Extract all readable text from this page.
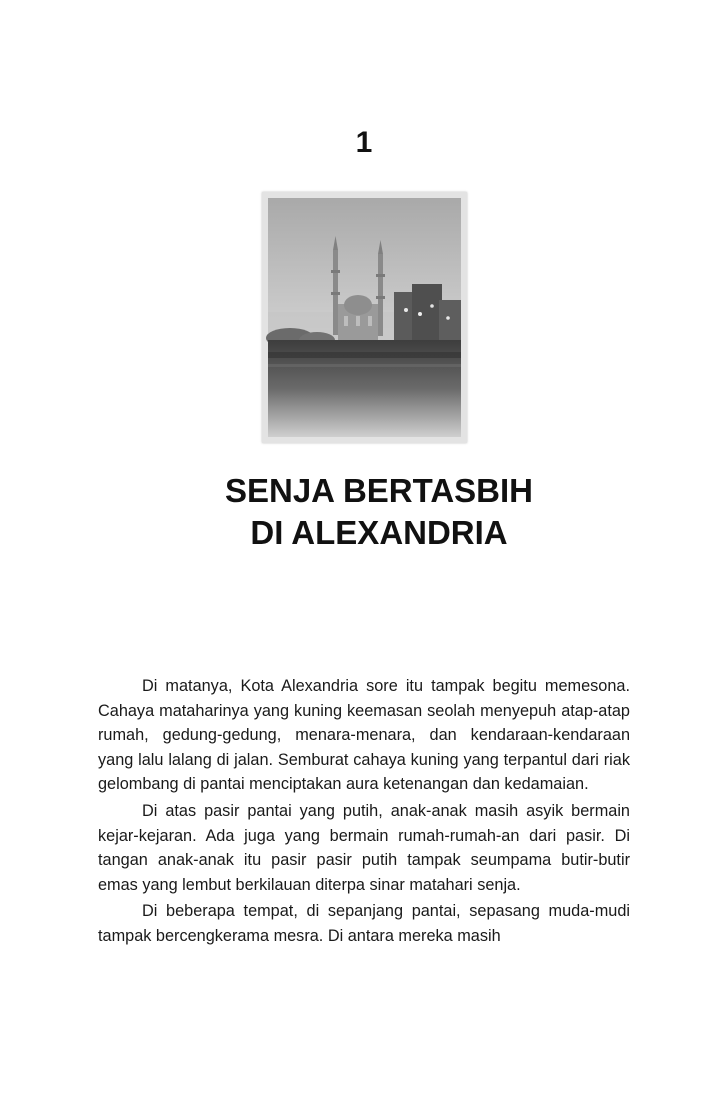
1
SENJA BERTASBIH
DI ALEXANDRIA

Di matanya, Kota Alexandria sore itu tampak begitu memesona. Cahaya mataharinya yang kuning keemasan seolah menyepuh atap-atap rumah, gedung-gedung, menara-menara, dan kendaraan-kendaraan yang lalu lalang di jalan. Semburat cahaya kuning yang terpantul dari riak gelombang di pantai menciptakan aura ketenangan dan kedamaian.

Di atas pasir pantai yang putih, anak-anak masih asyik bermain kejar-kejaran. Ada juga yang bermain rumah-rumah-an dari pasir. Di tangan anak-anak itu pasir pasir putih tampak seumpama butir-butir emas yang lembut berkilauan diterpa sinar matahari senja.

Di beberapa tempat, di sepanjang pantai, sepasang muda-mudi tampak bercengkerama mesra. Di antara mereka masih
